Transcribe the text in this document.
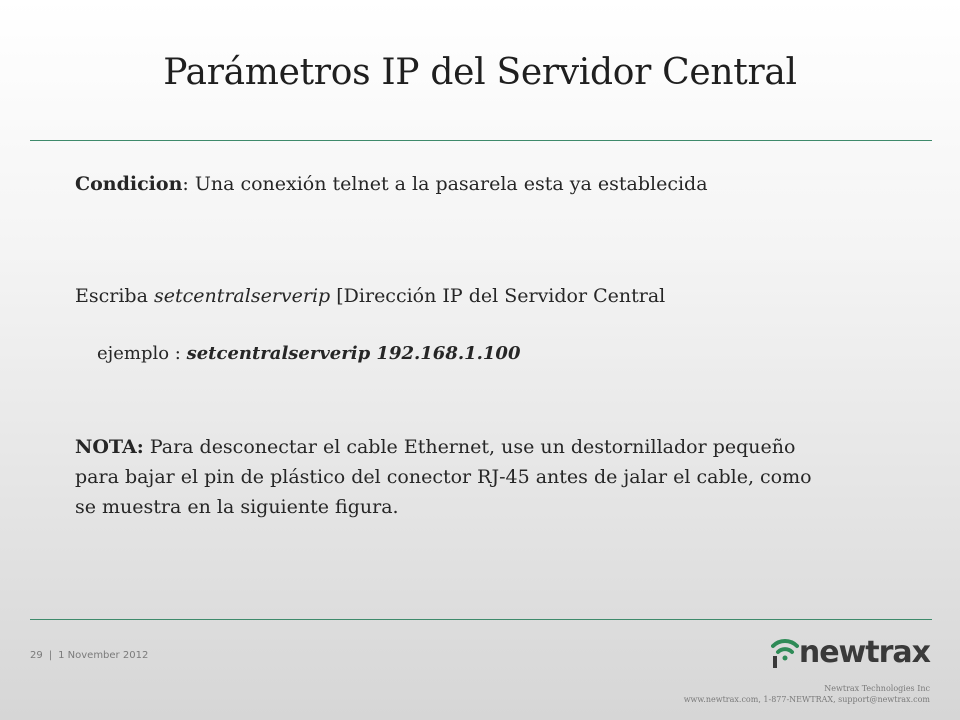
Parámetros IP del Servidor Central

Condicion: Una conexión telnet a la pasarela esta ya establecida

Escriba setcentralserverip [Dirección IP del Servidor Central

ejemplo : setcentralserverip 192.168.1.100

NOTA: Para desconectar el cable Ethernet, use un destornillador pequeño para bajar el pin de plástico del conector RJ-45 antes de jalar el cable, como se muestra en la siguiente figura.

29 | 1 November 2012	newtrax
Newtrax Technologies Inc
www.newtrax.com, 1-877-NEWTRAX, support@newtrax.com
